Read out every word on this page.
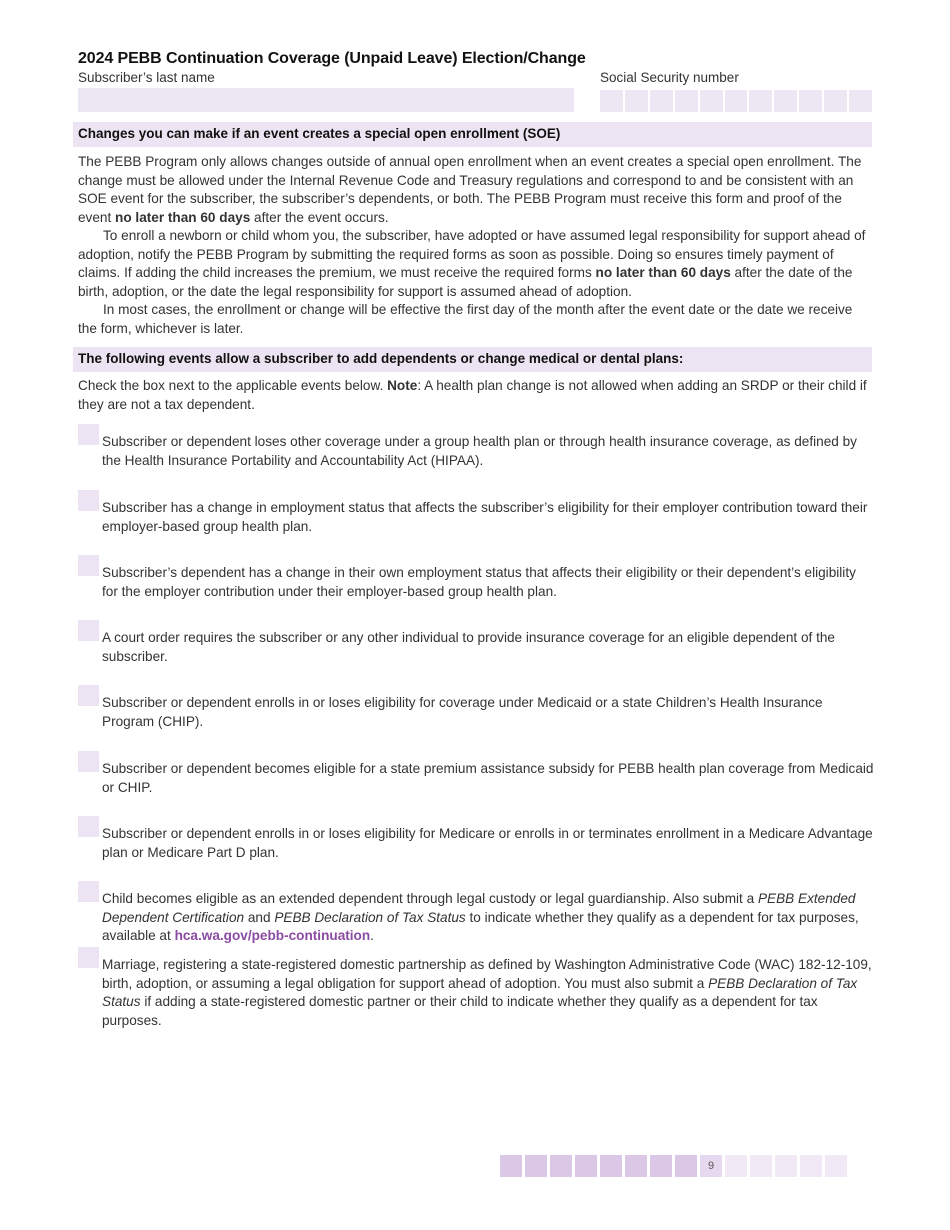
2024 PEBB Continuation Coverage (Unpaid Leave) Election/Change
Subscriber’s last name	Social Security number
Changes you can make if an event creates a special open enrollment (SOE)

The PEBB Program only allows changes outside of annual open enrollment when an event creates a special open enrollment. The change must be allowed under the Internal Revenue Code and Treasury regulations and correspond to and be consistent with an SOE event for the subscriber, the subscriber’s dependents, or both. The PEBB Program must receive this form and proof of the event no later than 60 days after the event occurs.

To enroll a newborn or child whom you, the subscriber, have adopted or have assumed legal responsibility for support ahead of adoption, notify the PEBB Program by submitting the required forms as soon as possible. Doing so ensures timely payment of claims. If adding the child increases the premium, we must receive the required forms no later than 60 days after the date of the birth, adoption, or the date the legal responsibility for support is assumed ahead of adoption.

In most cases, the enrollment or change will be effective the first day of the month after the event date or the date we receive the form, whichever is later.

The following events allow a subscriber to add dependents or change medical or dental plans:

Check the box next to the applicable events below. Note: A health plan change is not allowed when adding an SRDP or their child if they are not a tax dependent.

Subscriber or dependent loses other coverage under a group health plan or through health insurance coverage, as defined by the Health Insurance Portability and Accountability Act (HIPAA).

Subscriber has a change in employment status that affects the subscriber’s eligibility for their employer contribution toward their employer-based group health plan.

Subscriber’s dependent has a change in their own employment status that affects their eligibility or their dependent’s eligibility for the employer contribution under their employer-based group health plan.

A court order requires the subscriber or any other individual to provide insurance coverage for an eligible dependent of the subscriber.

Subscriber or dependent enrolls in or loses eligibility for coverage under Medicaid or a state Children’s Health Insurance Program (CHIP).

Subscriber or dependent becomes eligible for a state premium assistance subsidy for PEBB health plan coverage from Medicaid or CHIP.

Subscriber or dependent enrolls in or loses eligibility for Medicare or enrolls in or terminates enrollment in a Medicare Advantage plan or Medicare Part D plan.

Child becomes eligible as an extended dependent through legal custody or legal guardianship. Also submit a PEBB Extended Dependent Certification and PEBB Declaration of Tax Status to indicate whether they qualify as a dependent for tax purposes, available at hca.wa.gov/pebb-continuation.

Marriage, registering a state-registered domestic partnership as defined by Washington Administrative Code (WAC) 182-12-109, birth, adoption, or assuming a legal obligation for support ahead of adoption. You must also submit a PEBB Declaration of Tax Status if adding a state-registered domestic partner or their child to indicate whether they qualify as a dependent for tax purposes.

9
